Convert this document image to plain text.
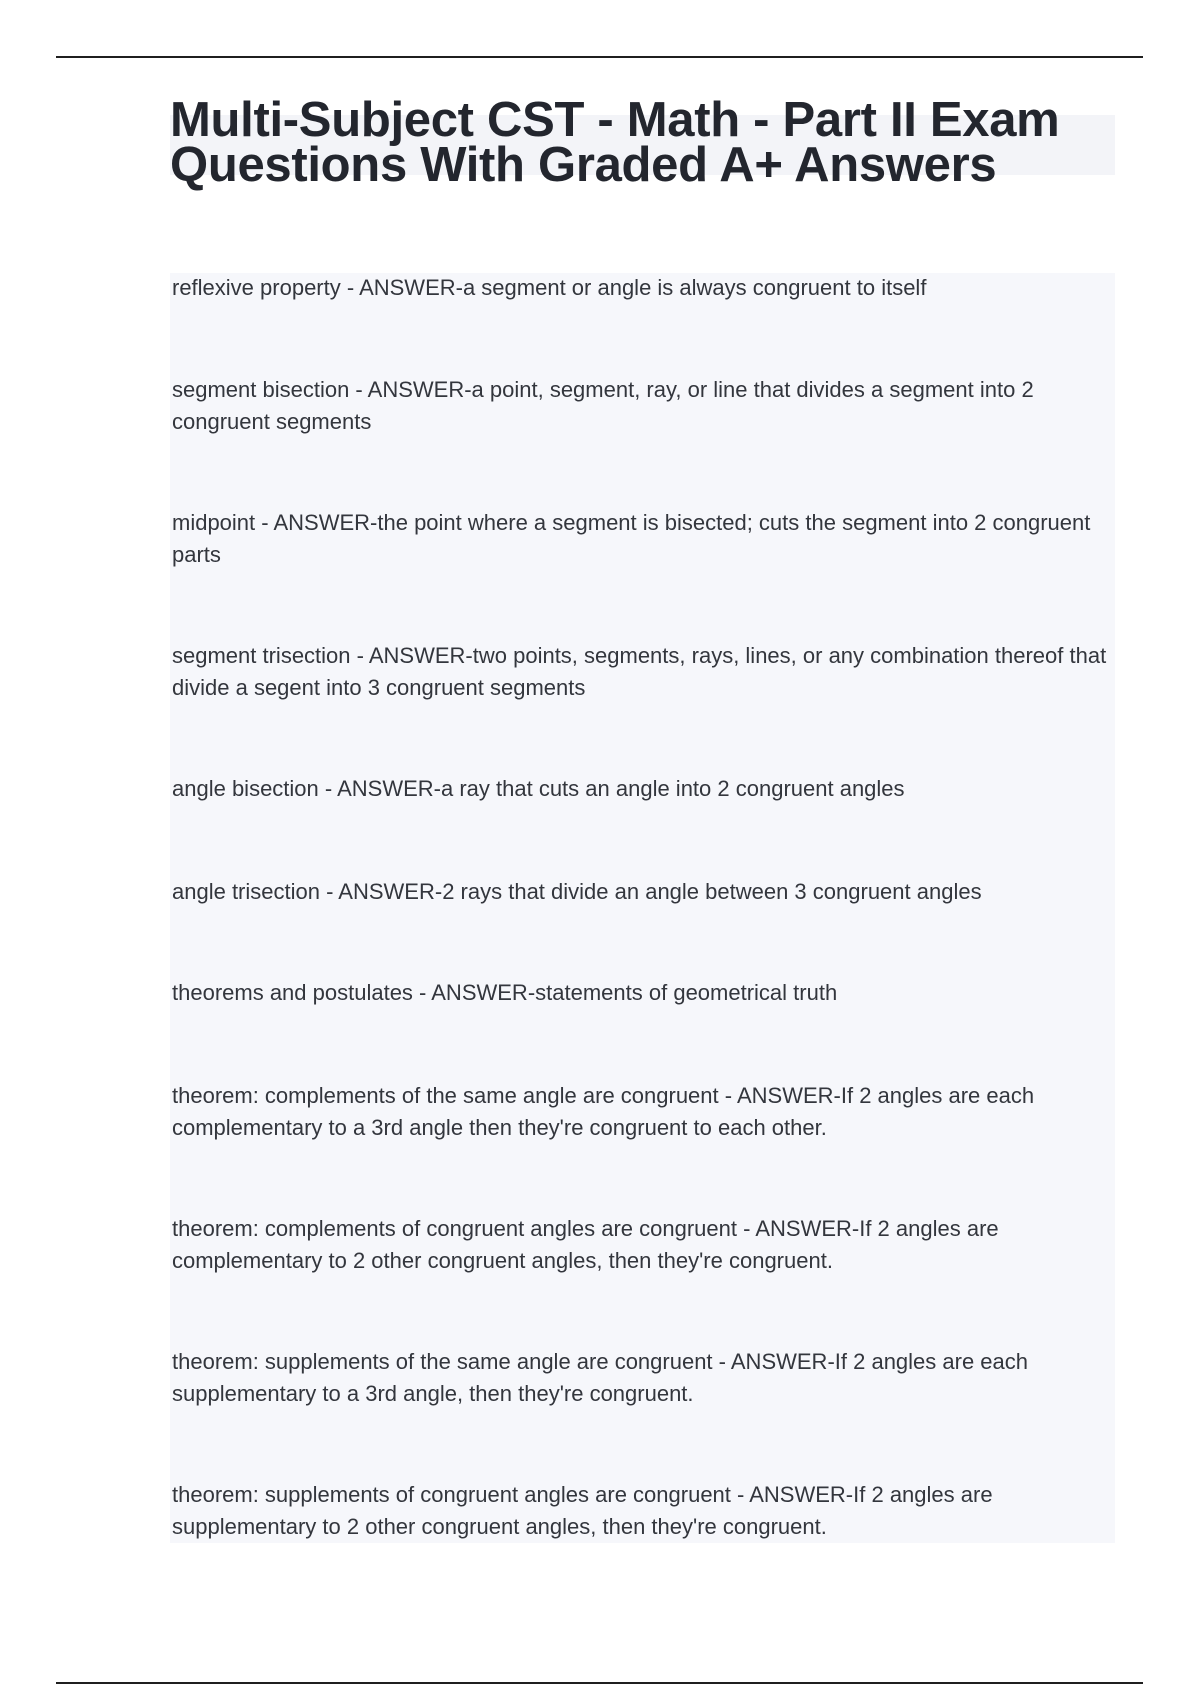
Multi-Subject CST - Math - Part II Exam
Questions With Graded A+ Answers

reflexive property - ANSWER-a segment or angle is always congruent to itself

segment bisection - ANSWER-a point, segment, ray, or line that divides a segment into 2 congruent segments

midpoint - ANSWER-the point where a segment is bisected; cuts the segment into 2 congruent parts

segment trisection - ANSWER-two points, segments, rays, lines, or any combination thereof that divide a segent into 3 congruent segments

angle bisection - ANSWER-a ray that cuts an angle into 2 congruent angles

angle trisection - ANSWER-2 rays that divide an angle between 3 congruent angles

theorems and postulates - ANSWER-statements of geometrical truth

theorem: complements of the same angle are congruent - ANSWER-If 2 angles are each complementary to a 3rd angle then they're congruent to each other.

theorem: complements of congruent angles are congruent - ANSWER-If 2 angles are complementary to 2 other congruent angles, then they're congruent.

theorem: supplements of the same angle are congruent - ANSWER-If 2 angles are each supplementary to a 3rd angle, then they're congruent.

theorem: supplements of congruent angles are congruent - ANSWER-If 2 angles are supplementary to 2 other congruent angles, then they're congruent.
